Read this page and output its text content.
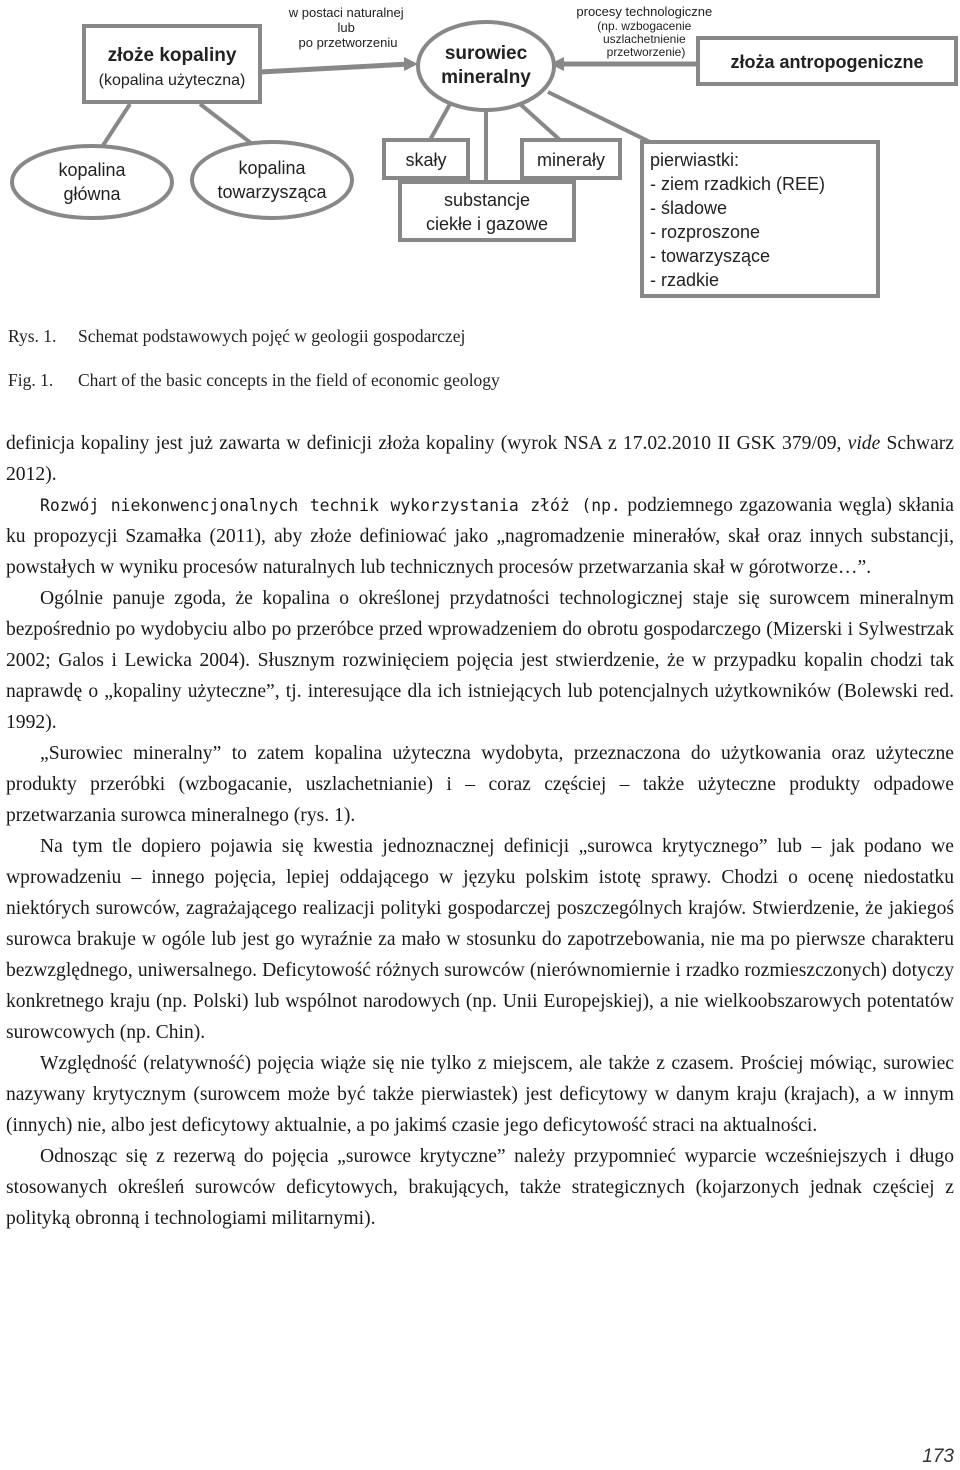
w postaci naturalnej lub po przetworzeniu
procesy technologiczne (np. wzbogacenie uszlachetnienie przetworzenie)
złoże kopaliny
(kopalina użyteczna)
surowiec
mineralny
złoża antropogeniczne
kopalina
główna
kopalina
towarzysząca
skały	minerały
substancje
ciekłe i gazowe
pierwiastki: - ziem rzadkich (REE) - śladowe - rozproszone - towarzyszące - rzadkie
Rys. 1. Schemat podstawowych pojęć w geologii gospodarczej
Fig. 1. Chart of the basic concepts in the field of economic geology

definicja kopaliny jest już zawarta w definicji złoża kopaliny (wyrok NSA z 17.02.2010 II GSK 379/09, vide Schwarz 2012).

Rozwój niekonwencjonalnych technik wykorzystania złóż (np. podziemnego zgazowania węgla) skłania ku propozycji Szamałka (2011), aby złoże definiować jako „nagromadzenie minerałów, skał oraz innych substancji, powstałych w wyniku procesów naturalnych lub technicznych procesów przetwarzania skał w górotworze…”.

Ogólnie panuje zgoda, że kopalina o określonej przydatności technologicznej staje się surowcem mineralnym bezpośrednio po wydobyciu albo po przeróbce przed wprowadzeniem do obrotu gospodarczego (Mizerski i Sylwestrzak 2002; Galos i Lewicka 2004). Słusznym rozwinięciem pojęcia jest stwierdzenie, że w przypadku kopalin chodzi tak naprawdę o „kopaliny użyteczne”, tj. interesujące dla ich istniejących lub potencjalnych użytkowników (Bolewski red. 1992).

„Surowiec mineralny” to zatem kopalina użyteczna wydobyta, przeznaczona do użytkowania oraz użyteczne produkty przeróbki (wzbogacanie, uszlachetnianie) i – coraz częściej – także użyteczne produkty odpadowe przetwarzania surowca mineralnego (rys. 1).

Na tym tle dopiero pojawia się kwestia jednoznacznej definicji „surowca krytycznego” lub – jak podano we wprowadzeniu – innego pojęcia, lepiej oddającego w języku polskim istotę sprawy. Chodzi o ocenę niedostatku niektórych surowców, zagrażającego realizacji polityki gospodarczej poszczególnych krajów. Stwierdzenie, że jakiegoś surowca brakuje w ogóle lub jest go wyraźnie za mało w stosunku do zapotrzebowania, nie ma po pierwsze charakteru bezwzględnego, uniwersalnego. Deficytowość różnych surowców (nierównomiernie i rzadko rozmieszczonych) dotyczy konkretnego kraju (np. Polski) lub wspólnot narodowych (np. Unii Europejskiej), a nie wielkoobszarowych potentatów surowcowych (np. Chin).

Względność (relatywność) pojęcia wiąże się nie tylko z miejscem, ale także z czasem. Prościej mówiąc, surowiec nazywany krytycznym (surowcem może być także pierwiastek) jest deficytowy w danym kraju (krajach), a w innym (innych) nie, albo jest deficytowy aktualnie, a po jakimś czasie jego deficytowość straci na aktualności.

Odnosząc się z rezerwą do pojęcia „surowce krytyczne” należy przypomnieć wyparcie wcześniejszych i długo stosowanych określeń surowców deficytowych, brakujących, także strategicznych (kojarzonych jednak częściej z polityką obronną i technologiami militarnymi).

173
